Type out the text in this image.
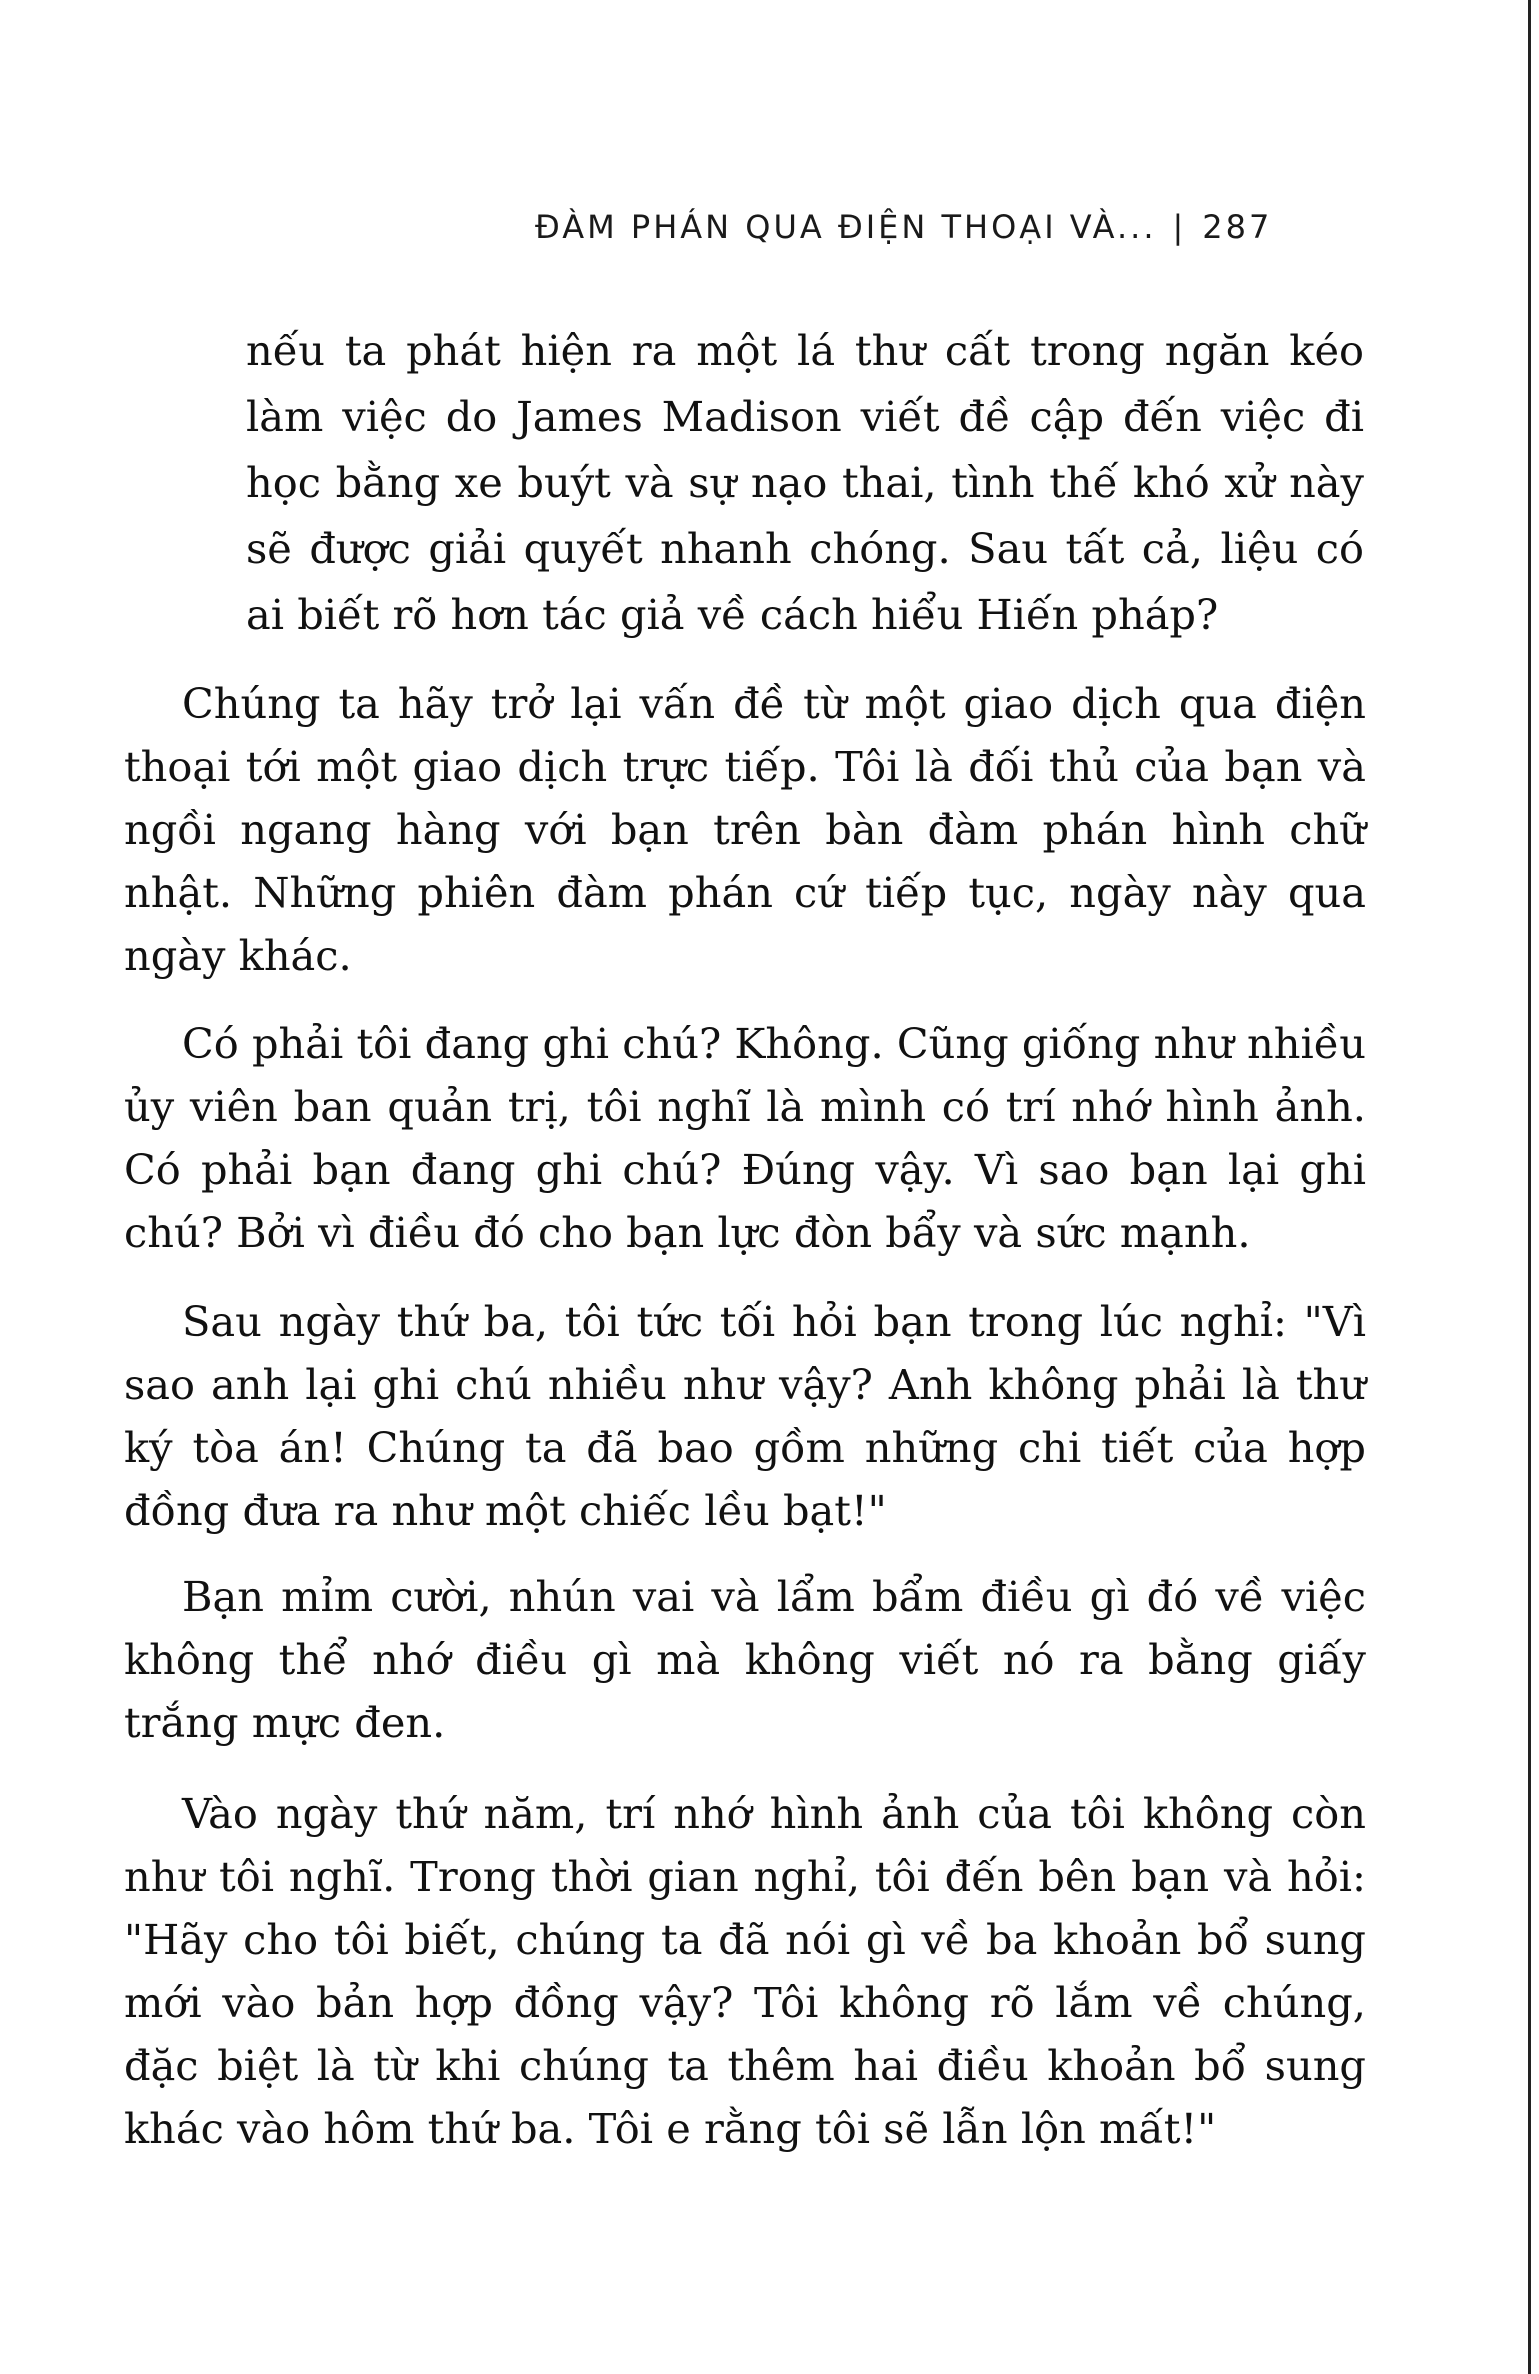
ĐÀM PHÁN QUA ĐIỆN THOẠI VÀ... | 287

nếu ta phát hiện ra một lá thư cất trong ngăn kéo làm việc do James Madison viết đề cập đến việc đi học bằng xe buýt và sự nạo thai, tình thế khó xử này sẽ được giải quyết nhanh chóng. Sau tất cả, liệu có ai biết rõ hơn tác giả về cách hiểu Hiến pháp?

Chúng ta hãy trở lại vấn đề từ một giao dịch qua điện thoại tới một giao dịch trực tiếp. Tôi là đối thủ của bạn và ngồi ngang hàng với bạn trên bàn đàm phán hình chữ nhật. Những phiên đàm phán cứ tiếp tục, ngày này qua ngày khác.

Có phải tôi đang ghi chú? Không. Cũng giống như nhiều ủy viên ban quản trị, tôi nghĩ là mình có trí nhớ hình ảnh. Có phải bạn đang ghi chú? Đúng vậy. Vì sao bạn lại ghi chú? Bởi vì điều đó cho bạn lực đòn bẩy và sức mạnh.

Sau ngày thứ ba, tôi tức tối hỏi bạn trong lúc nghỉ: "Vì sao anh lại ghi chú nhiều như vậy? Anh không phải là thư ký tòa án! Chúng ta đã bao gồm những chi tiết của hợp đồng đưa ra như một chiếc lều bạt!"

Bạn mỉm cười, nhún vai và lẩm bẩm điều gì đó về việc không thể nhớ điều gì mà không viết nó ra bằng giấy trắng mực đen.

Vào ngày thứ năm, trí nhớ hình ảnh của tôi không còn như tôi nghĩ. Trong thời gian nghỉ, tôi đến bên bạn và hỏi: "Hãy cho tôi biết, chúng ta đã nói gì về ba khoản bổ sung mới vào bản hợp đồng vậy? Tôi không rõ lắm về chúng, đặc biệt là từ khi chúng ta thêm hai điều khoản bổ sung khác vào hôm thứ ba. Tôi e rằng tôi sẽ lẫn lộn mất!"
